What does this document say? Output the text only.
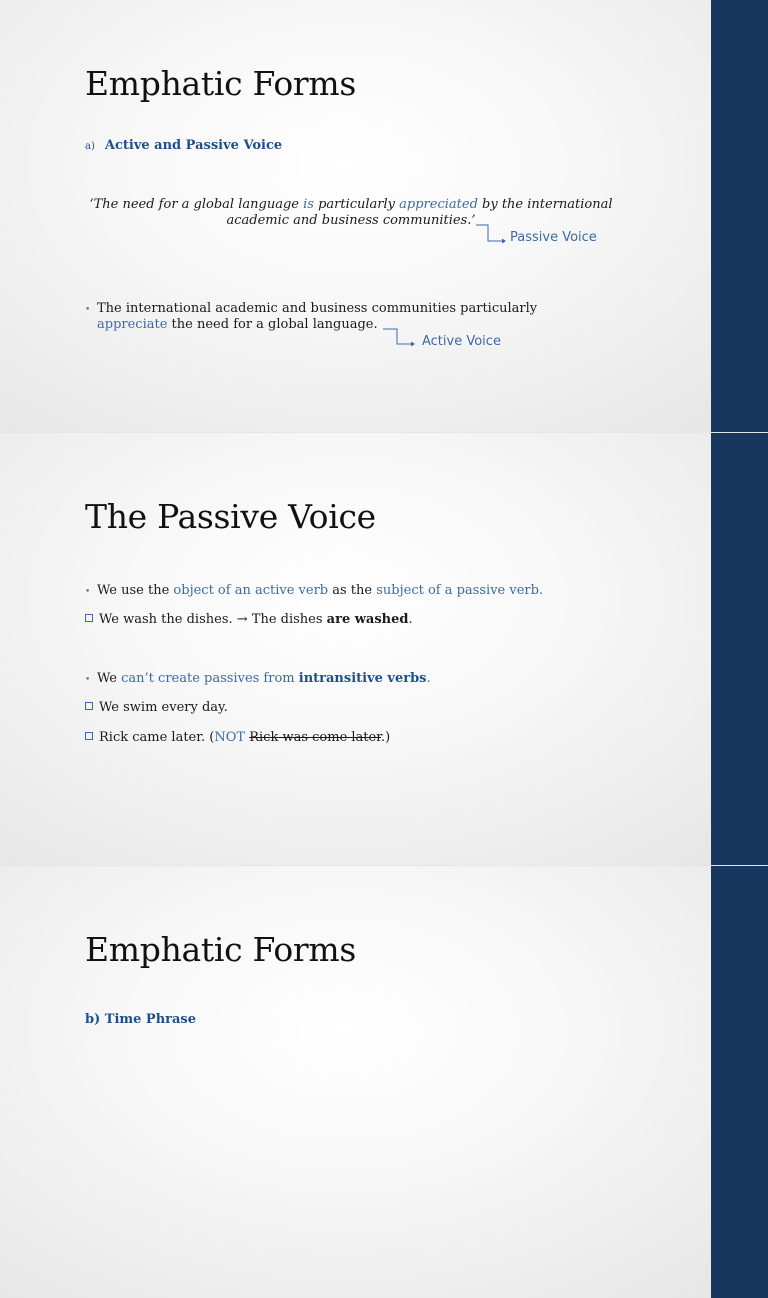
Emphatic Forms
a) Active and Passive Voice
‘The need for a global language is particularly appreciated by the international
academic and business communities.’
Passive Voice
• The international academic and business communities particularly
appreciate the need for a global language.
Active Voice
The Passive Voice
• We use the object of an active verb as the subject of a passive verb.
We wash the dishes. → The dishes are washed.
• We can’t create passives from intransitive verbs.
We swim every day.
Rick came later. (NOT Rick was come later.)
Emphatic Forms
b) Time Phrase
